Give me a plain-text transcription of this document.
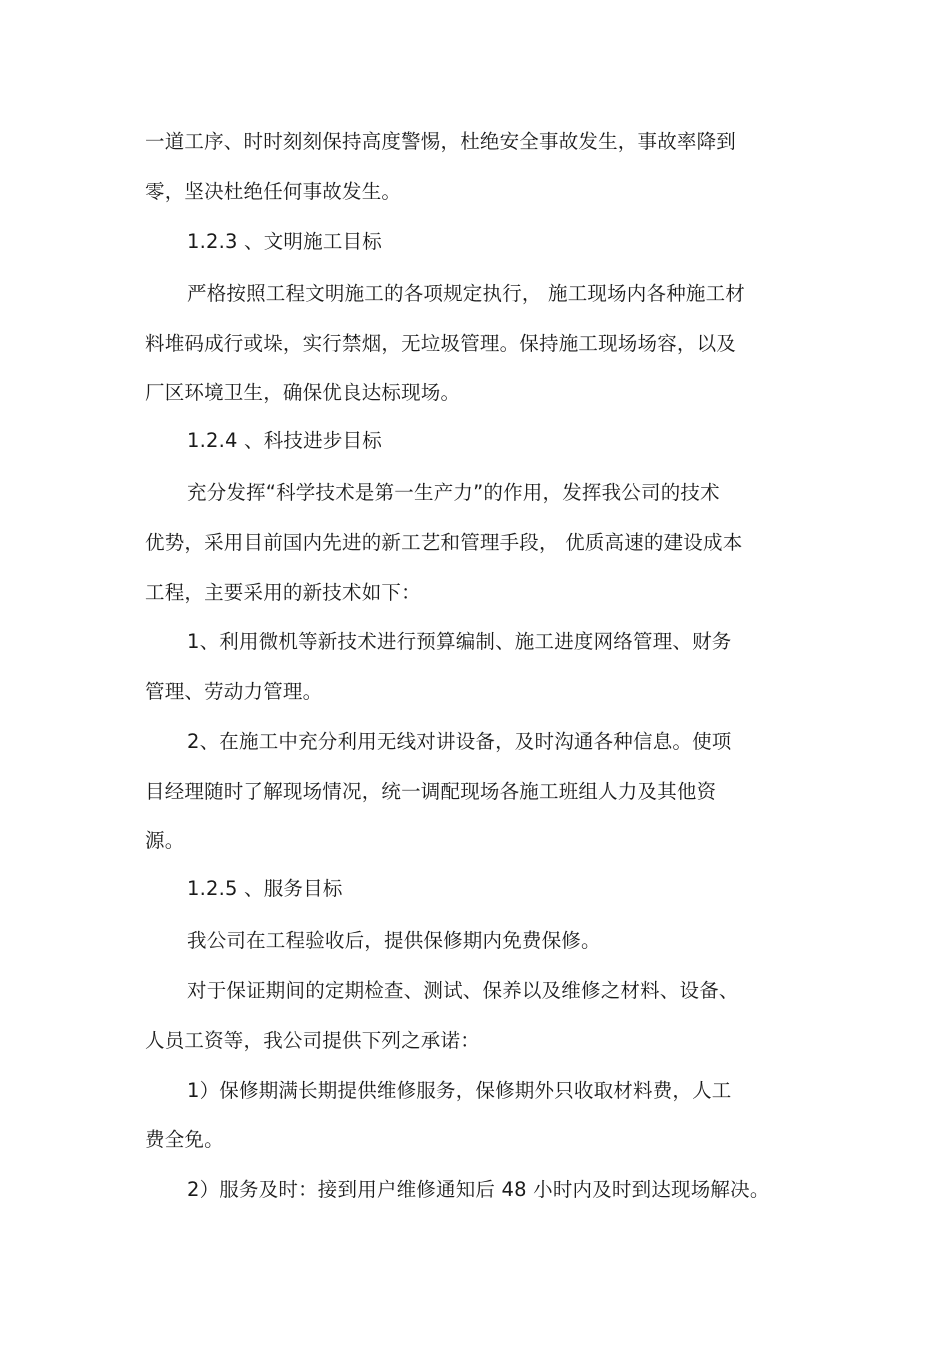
一道工序、时时刻刻保持高度警惕，杜绝安全事故发生，事故率降到
零，坚决杜绝任何事故发生。
1.2.3 、文明施工目标
严格按照工程文明施工的各项规定执行， 施工现场内各种施工材
料堆码成行或垛，实行禁烟，无垃圾管理。保持施工现场场容，以及
厂区环境卫生，确保优良达标现场。
1.2.4 、科技进步目标
充分发挥“科学技术是第一生产力”的作用，发挥我公司的技术
优势，采用目前国内先进的新工艺和管理手段， 优质高速的建设成本
工程，主要采用的新技术如下：
1、利用微机等新技术进行预算编制、施工进度网络管理、财务
管理、劳动力管理。
2、在施工中充分利用无线对讲设备，及时沟通各种信息。使项
目经理随时了解现场情况，统一调配现场各施工班组人力及其他资
源。
1.2.5 、服务目标
我公司在工程验收后，提供保修期内免费保修。
对于保证期间的定期检查、测试、保养以及维修之材料、设备、
人员工资等，我公司提供下列之承诺：
1）保修期满长期提供维修服务，保修期外只收取材料费，人工
费全免。
2）服务及时：接到用户维修通知后 48 小时内及时到达现场解决。
